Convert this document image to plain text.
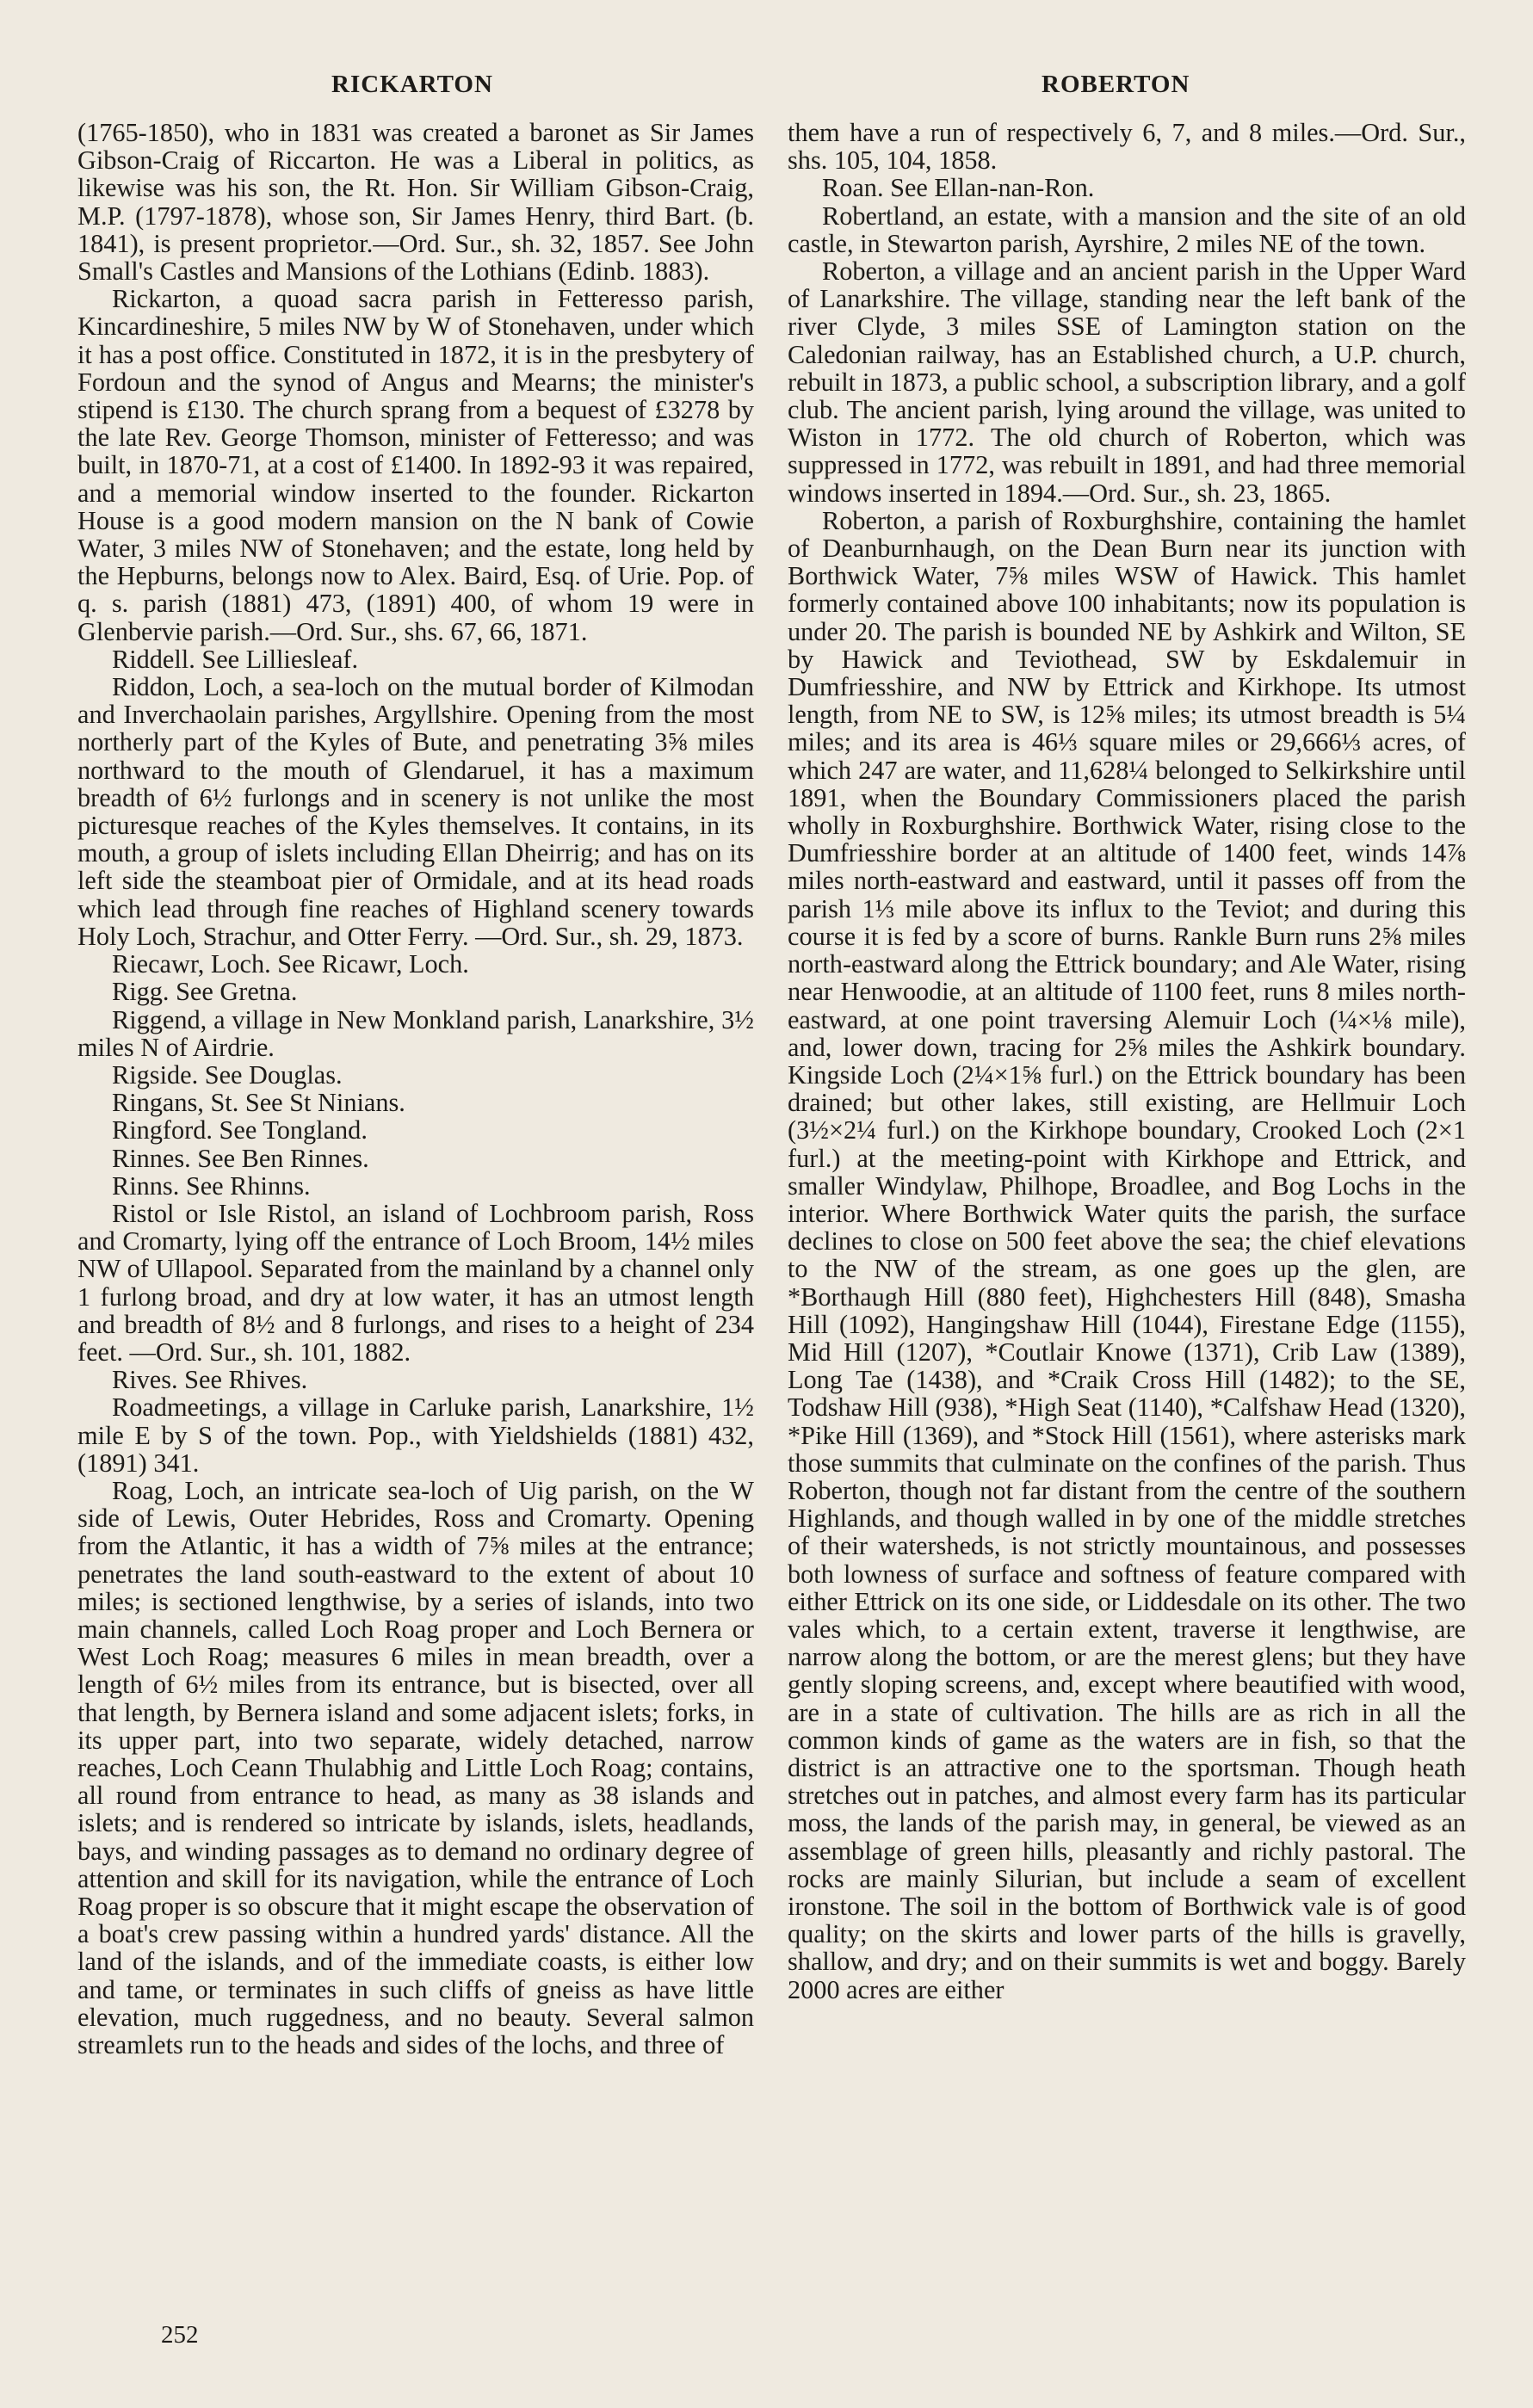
RICKARTON	ROBERTON

(1765-1850), who in 1831 was created a baronet as Sir James Gibson-Craig of Riccarton. He was a Liberal in politics, as likewise was his son, the Rt. Hon. Sir William Gibson-Craig, M.P. (1797-1878), whose son, Sir James Henry, third Bart. (b. 1841), is present proprietor.—Ord. Sur., sh. 32, 1857. See John Small's Castles and Mansions of the Lothians (Edinb. 1883).

Rickarton, a quoad sacra parish in Fetteresso parish, Kincardineshire, 5 miles NW by W of Stonehaven, under which it has a post office. Constituted in 1872, it is in the presbytery of Fordoun and the synod of Angus and Mearns; the minister's stipend is £130. The church sprang from a bequest of £3278 by the late Rev. George Thomson, minister of Fetteresso; and was built, in 1870-71, at a cost of £1400. In 1892-93 it was repaired, and a memorial window inserted to the founder. Rickarton House is a good modern mansion on the N bank of Cowie Water, 3 miles NW of Stonehaven; and the estate, long held by the Hepburns, belongs now to Alex. Baird, Esq. of Urie. Pop. of q. s. parish (1881) 473, (1891) 400, of whom 19 were in Glenbervie parish.—Ord. Sur., shs. 67, 66, 1871.

Riddell. See Lilliesleaf.

Riddon, Loch, a sea-loch on the mutual border of Kilmodan and Inverchaolain parishes, Argyllshire. Opening from the most northerly part of the Kyles of Bute, and penetrating 3⅝ miles northward to the mouth of Glendaruel, it has a maximum breadth of 6½ furlongs and in scenery is not unlike the most picturesque reaches of the Kyles themselves. It contains, in its mouth, a group of islets including Ellan Dheirrig; and has on its left side the steamboat pier of Ormidale, and at its head roads which lead through fine reaches of Highland scenery towards Holy Loch, Strachur, and Otter Ferry. —Ord. Sur., sh. 29, 1873.

Riecawr, Loch. See Ricawr, Loch.

Rigg. See Gretna.

Riggend, a village in New Monkland parish, Lanarkshire, 3½ miles N of Airdrie.

Rigside. See Douglas.

Ringans, St. See St Ninians.

Ringford. See Tongland.

Rinnes. See Ben Rinnes.

Rinns. See Rhinns.

Ristol or Isle Ristol, an island of Lochbroom parish, Ross and Cromarty, lying off the entrance of Loch Broom, 14½ miles NW of Ullapool. Separated from the mainland by a channel only 1 furlong broad, and dry at low water, it has an utmost length and breadth of 8½ and 8 furlongs, and rises to a height of 234 feet. —Ord. Sur., sh. 101, 1882.

Rives. See Rhives.

Roadmeetings, a village in Carluke parish, Lanarkshire, 1½ mile E by S of the town. Pop., with Yieldshields (1881) 432, (1891) 341.

Roag, Loch, an intricate sea-loch of Uig parish, on the W side of Lewis, Outer Hebrides, Ross and Cromarty. Opening from the Atlantic, it has a width of 7⅝ miles at the entrance; penetrates the land south-eastward to the extent of about 10 miles; is sectioned lengthwise, by a series of islands, into two main channels, called Loch Roag proper and Loch Bernera or West Loch Roag; measures 6 miles in mean breadth, over a length of 6½ miles from its entrance, but is bisected, over all that length, by Bernera island and some adjacent islets; forks, in its upper part, into two separate, widely detached, narrow reaches, Loch Ceann Thulabhig and Little Loch Roag; contains, all round from entrance to head, as many as 38 islands and islets; and is rendered so intricate by islands, islets, headlands, bays, and winding passages as to demand no ordinary degree of attention and skill for its navigation, while the entrance of Loch Roag proper is so obscure that it might escape the observation of a boat's crew passing within a hundred yards' distance. All the land of the islands, and of the immediate coasts, is either low and tame, or terminates in such cliffs of gneiss as have little elevation, much ruggedness, and no beauty. Several salmon streamlets run to the heads and sides of the lochs, and three of

them have a run of respectively 6, 7, and 8 miles.—Ord. Sur., shs. 105, 104, 1858.

Roan. See Ellan-nan-Ron.

Robertland, an estate, with a mansion and the site of an old castle, in Stewarton parish, Ayrshire, 2 miles NE of the town.

Roberton, a village and an ancient parish in the Upper Ward of Lanarkshire. The village, standing near the left bank of the river Clyde, 3 miles SSE of Lamington station on the Caledonian railway, has an Established church, a U.P. church, rebuilt in 1873, a public school, a subscription library, and a golf club. The ancient parish, lying around the village, was united to Wiston in 1772. The old church of Roberton, which was suppressed in 1772, was rebuilt in 1891, and had three memorial windows inserted in 1894.—Ord. Sur., sh. 23, 1865.

Roberton, a parish of Roxburghshire, containing the hamlet of Deanburnhaugh, on the Dean Burn near its junction with Borthwick Water, 7⅝ miles WSW of Hawick. This hamlet formerly contained above 100 inhabitants; now its population is under 20. The parish is bounded NE by Ashkirk and Wilton, SE by Hawick and Teviothead, SW by Eskdalemuir in Dumfriesshire, and NW by Ettrick and Kirkhope. Its utmost length, from NE to SW, is 12⅝ miles; its utmost breadth is 5¼ miles; and its area is 46⅓ square miles or 29,666⅓ acres, of which 247 are water, and 11,628¼ belonged to Selkirkshire until 1891, when the Boundary Commissioners placed the parish wholly in Roxburghshire. Borthwick Water, rising close to the Dumfriesshire border at an altitude of 1400 feet, winds 14⅞ miles north-eastward and eastward, until it passes off from the parish 1⅓ mile above its influx to the Teviot; and during this course it is fed by a score of burns. Rankle Burn runs 2⅝ miles north-eastward along the Ettrick boundary; and Ale Water, rising near Henwoodie, at an altitude of 1100 feet, runs 8 miles north-eastward, at one point traversing Alemuir Loch (¼×⅛ mile), and, lower down, tracing for 2⅝ miles the Ashkirk boundary. Kingside Loch (2¼×1⅝ furl.) on the Ettrick boundary has been drained; but other lakes, still existing, are Hellmuir Loch (3½×2¼ furl.) on the Kirkhope boundary, Crooked Loch (2×1 furl.) at the meeting-point with Kirkhope and Ettrick, and smaller Windylaw, Philhope, Broadlee, and Bog Lochs in the interior. Where Borthwick Water quits the parish, the surface declines to close on 500 feet above the sea; the chief elevations to the NW of the stream, as one goes up the glen, are *Borthaugh Hill (880 feet), Highchesters Hill (848), Smasha Hill (1092), Hangingshaw Hill (1044), Firestane Edge (1155), Mid Hill (1207), *Coutlair Knowe (1371), Crib Law (1389), Long Tae (1438), and *Craik Cross Hill (1482); to the SE, Todshaw Hill (938), *High Seat (1140), *Calfshaw Head (1320), *Pike Hill (1369), and *Stock Hill (1561), where asterisks mark those summits that culminate on the confines of the parish. Thus Roberton, though not far distant from the centre of the southern Highlands, and though walled in by one of the middle stretches of their watersheds, is not strictly mountainous, and possesses both lowness of surface and softness of feature compared with either Ettrick on its one side, or Liddesdale on its other. The two vales which, to a certain extent, traverse it lengthwise, are narrow along the bottom, or are the merest glens; but they have gently sloping screens, and, except where beautified with wood, are in a state of cultivation. The hills are as rich in all the common kinds of game as the waters are in fish, so that the district is an attractive one to the sportsman. Though heath stretches out in patches, and almost every farm has its particular moss, the lands of the parish may, in general, be viewed as an assemblage of green hills, pleasantly and richly pastoral. The rocks are mainly Silurian, but include a seam of excellent ironstone. The soil in the bottom of Borthwick vale is of good quality; on the skirts and lower parts of the hills is gravelly, shallow, and dry; and on their summits is wet and boggy. Barely 2000 acres are either

252
